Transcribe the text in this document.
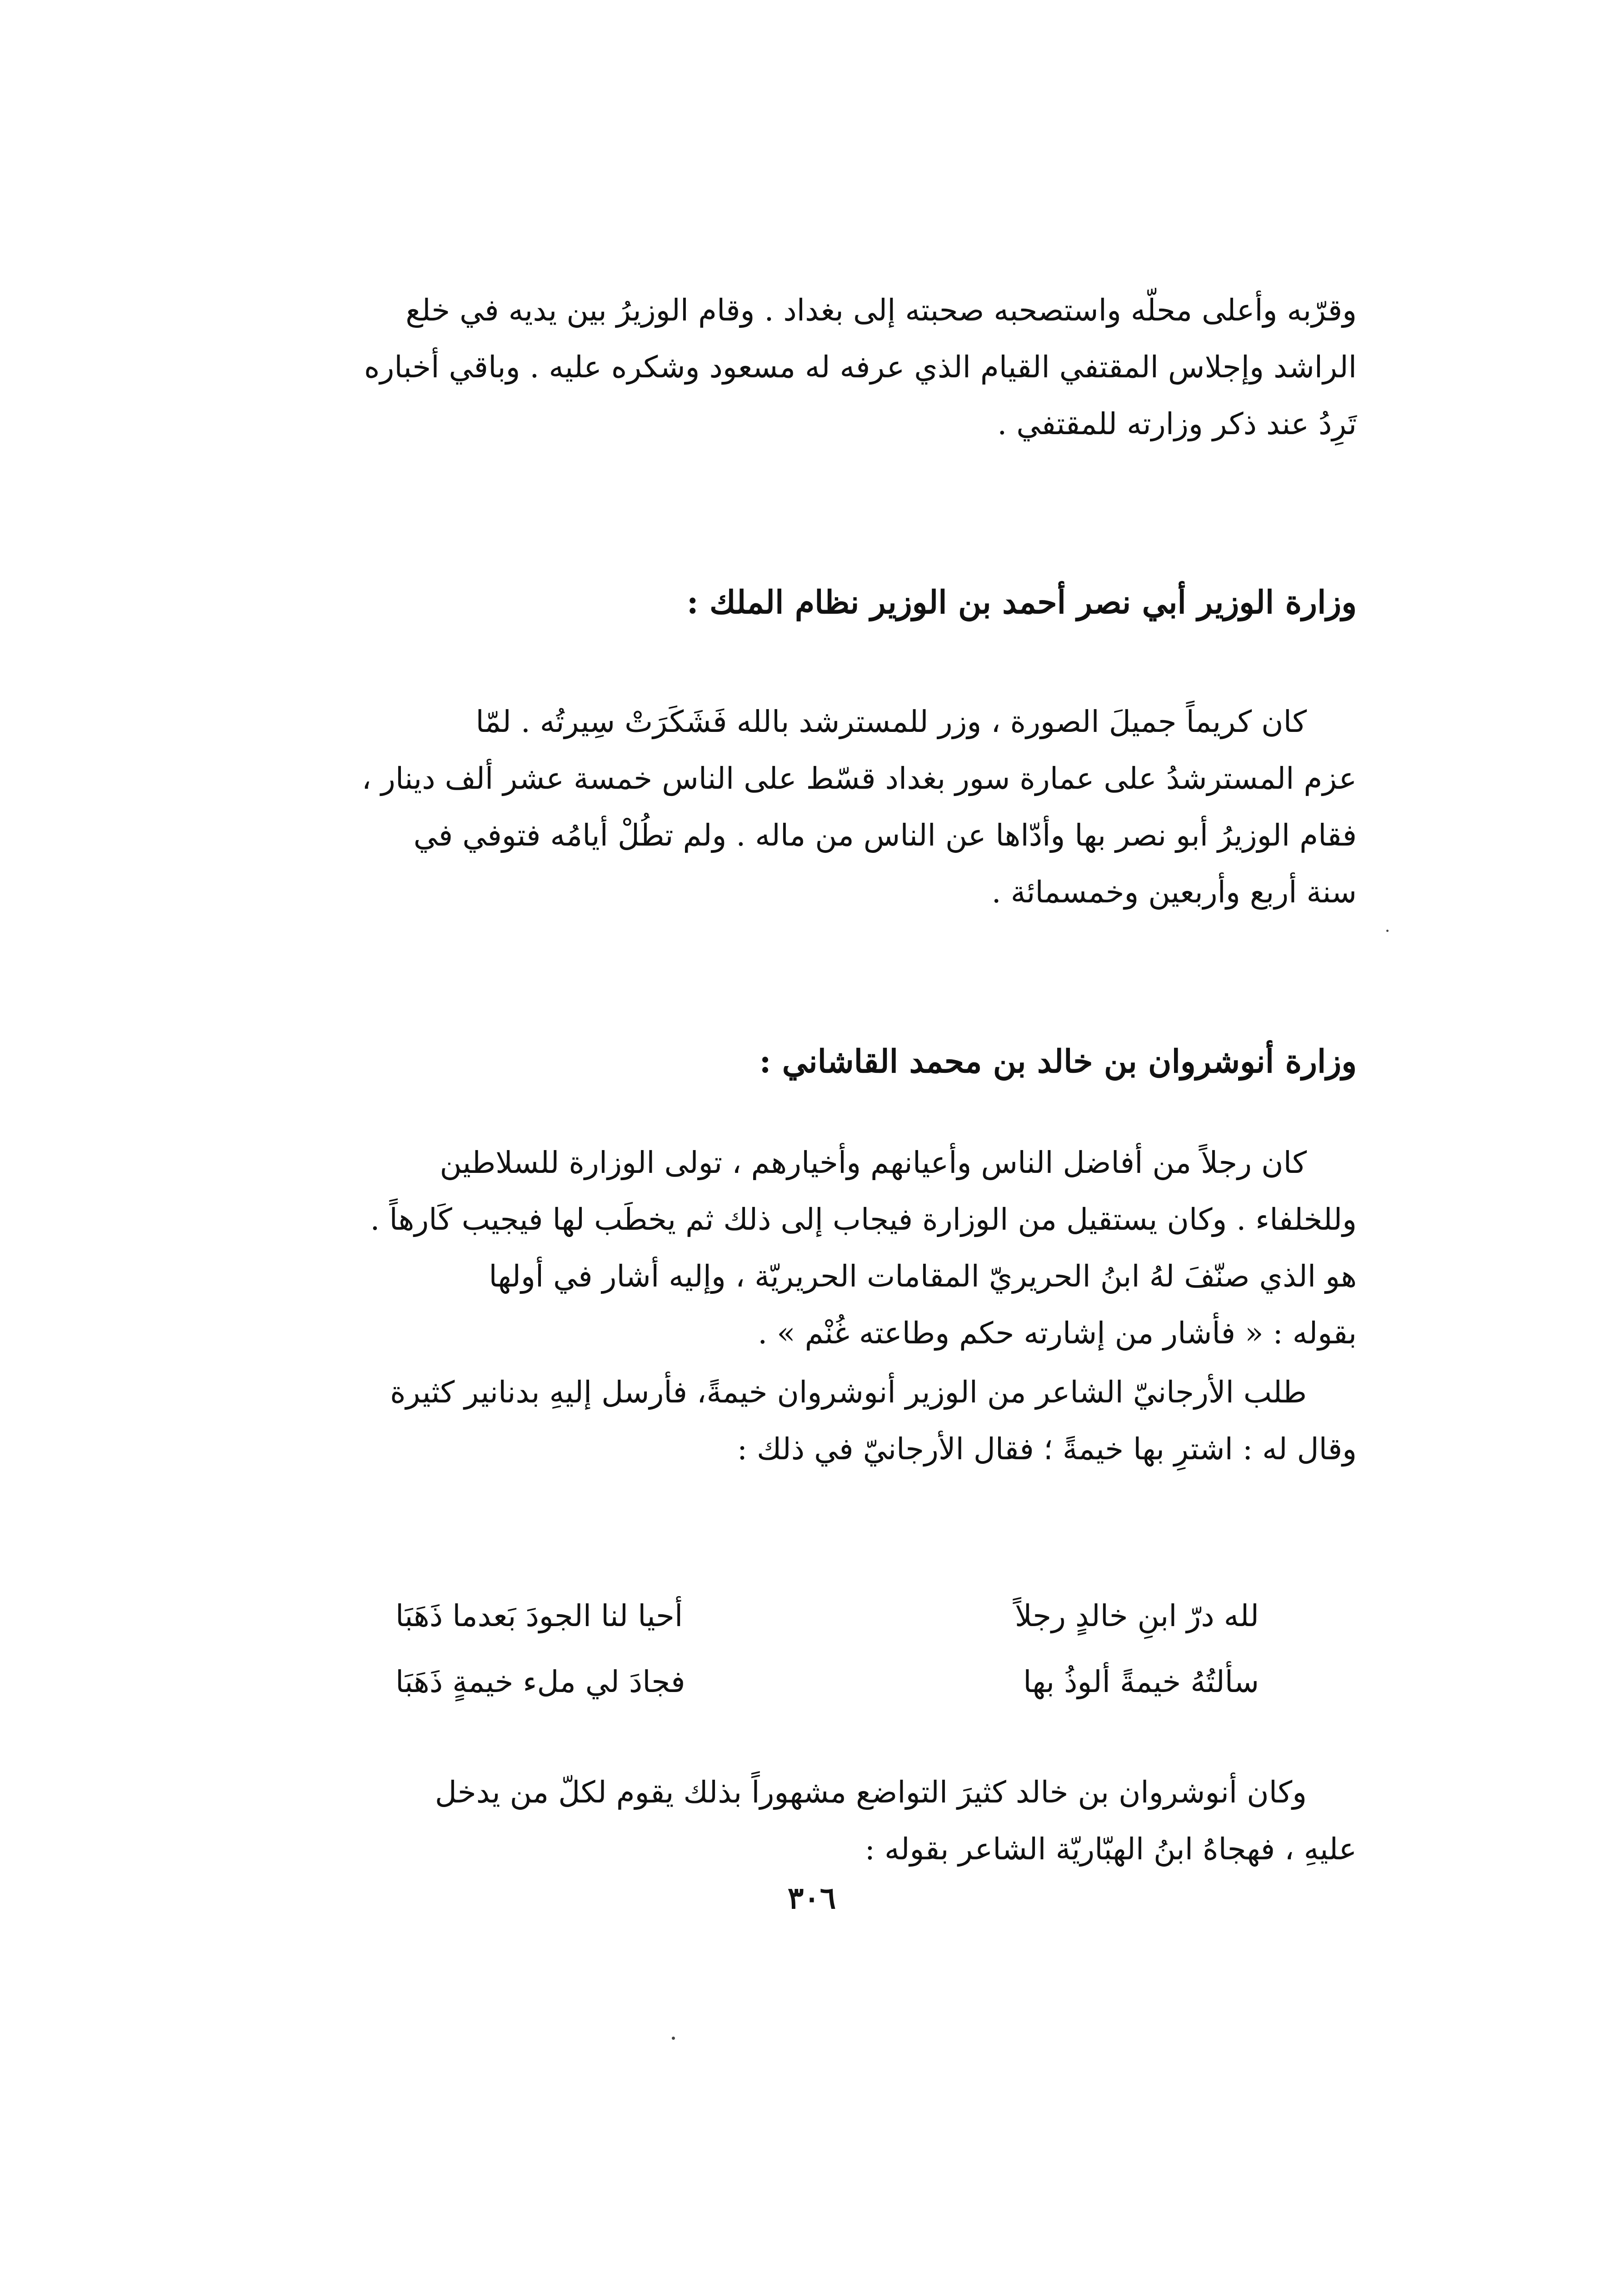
وقرّبه وأعلى محلّه واستصحبه صحبته إلى بغداد . وقام الوزيرُ بين يديه في خلع

الراشد وإجلاس المقتفي القيام الذي عرفه له مسعود وشكره عليه . وباقي أخباره

تَرِدُ عند ذكر وزارته للمقتفي .

وزارة الوزير أبي نصر أحمد بن الوزير نظام الملك :

كان كريماً جميلَ الصورة ، وزر للمسترشد بالله فَشَكَرَتْ سِيرتُه . لمّا

عزم المسترشدُ على عمارة سور بغداد قسّط على الناس خمسة عشر ألف دينار ،

فقام الوزيرُ أبو نصر بها وأدّاها عن الناس من ماله . ولم تطُلْ أيامُه فتوفي في

سنة أربع وأربعين وخمسمائة .

وزارة أنوشروان بن خالد بن محمد القاشاني :

كان رجلاً من أفاضل الناس وأعيانهم وأخيارهم ، تولى الوزارة للسلاطين

وللخلفاء . وكان يستقيل من الوزارة فيجاب إلى ذلك ثم يخطَب لها فيجيب كَارهاً .

هو الذي صنّفَ لهُ ابنُ الحريريّ المقامات الحريريّة ، وإليه أشار في أولها

بقوله : « فأشار من إشارته حكم وطاعته غُنْم » .

طلب الأرجانيّ الشاعر من الوزير أنوشروان خيمةً، فأرسل إليهِ بدنانير كثيرة

وقال له : اشترِ بها خيمةً ؛ فقال الأرجانيّ في ذلك :

لله درّ ابنِ خالدٍ رجلاً
أحيا لنا الجودَ بَعدما ذَهَبَا
سألتُهُ خيمةً ألوذُ بها
فجادَ لي ملء خيمةٍ ذَهَبَا

وكان أنوشروان بن خالد كثيرَ التواضع مشهوراً بذلك يقوم لكلّ من يدخل

عليهِ ، فهجاهُ ابنُ الهبّاريّة الشاعر بقوله :

٣٠٦
